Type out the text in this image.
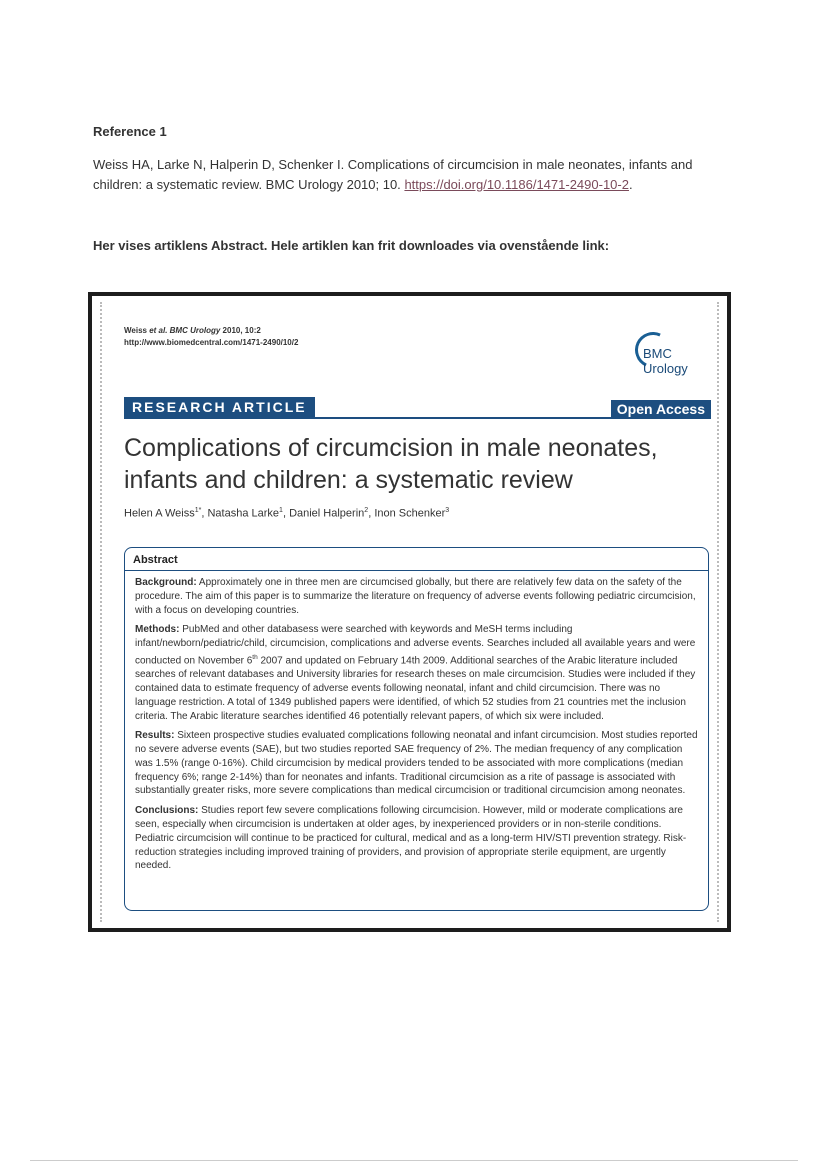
Reference 1
Weiss HA, Larke N, Halperin D, Schenker I. Complications of circumcision in male neonates, infants and children: a systematic review. BMC Urology 2010; 10. https://doi.org/10.1186/1471-2490-10-2.
Her vises artiklens Abstract. Hele artiklen kan frit downloades via ovenstående link:
Weiss et al. BMC Urology 2010, 10:2
http://www.biomedcentral.com/1471-2490/10/2
BMC
Urology
RESEARCH ARTICLE	Open Access
Complications of circumcision in male neonates, infants and children: a systematic review
Helen A Weiss$^{1*}$, Natasha Larke$^1$, Daniel Halperin$^2$, Inon Schenker$^3$
Abstract

Background: Approximately one in three men are circumcised globally, but there are relatively few data on the safety of the procedure. The aim of this paper is to summarize the literature on frequency of adverse events following pediatric circumcision, with a focus on developing countries.

Methods: PubMed and other databasess were searched with keywords and MeSH terms including infant/newborn/pediatric/child, circumcision, complications and adverse events. Searches included all available years and were conducted on November 6th 2007 and updated on February 14th 2009. Additional searches of the Arabic literature included searches of relevant databases and University libraries for research theses on male circumcision. Studies were included if they contained data to estimate frequency of adverse events following neonatal, infant and child circumcision. There was no language restriction. A total of 1349 published papers were identified, of which 52 studies from 21 countries met the inclusion criteria. The Arabic literature searches identified 46 potentially relevant papers, of which six were included.

Results: Sixteen prospective studies evaluated complications following neonatal and infant circumcision. Most studies reported no severe adverse events (SAE), but two studies reported SAE frequency of 2%. The median frequency of any complication was 1.5% (range 0-16%). Child circumcision by medical providers tended to be associated with more complications (median frequency 6%; range 2-14%) than for neonates and infants. Traditional circumcision as a rite of passage is associated with substantially greater risks, more severe complications than medical circumcision or traditional circumcision among neonates.

Conclusions: Studies report few severe complications following circumcision. However, mild or moderate complications are seen, especially when circumcision is undertaken at older ages, by inexperienced providers or in non-sterile conditions. Pediatric circumcision will continue to be practiced for cultural, medical and as a long-term HIV/STI prevention strategy. Risk-reduction strategies including improved training of providers, and provision of appropriate sterile equipment, are urgently needed.
